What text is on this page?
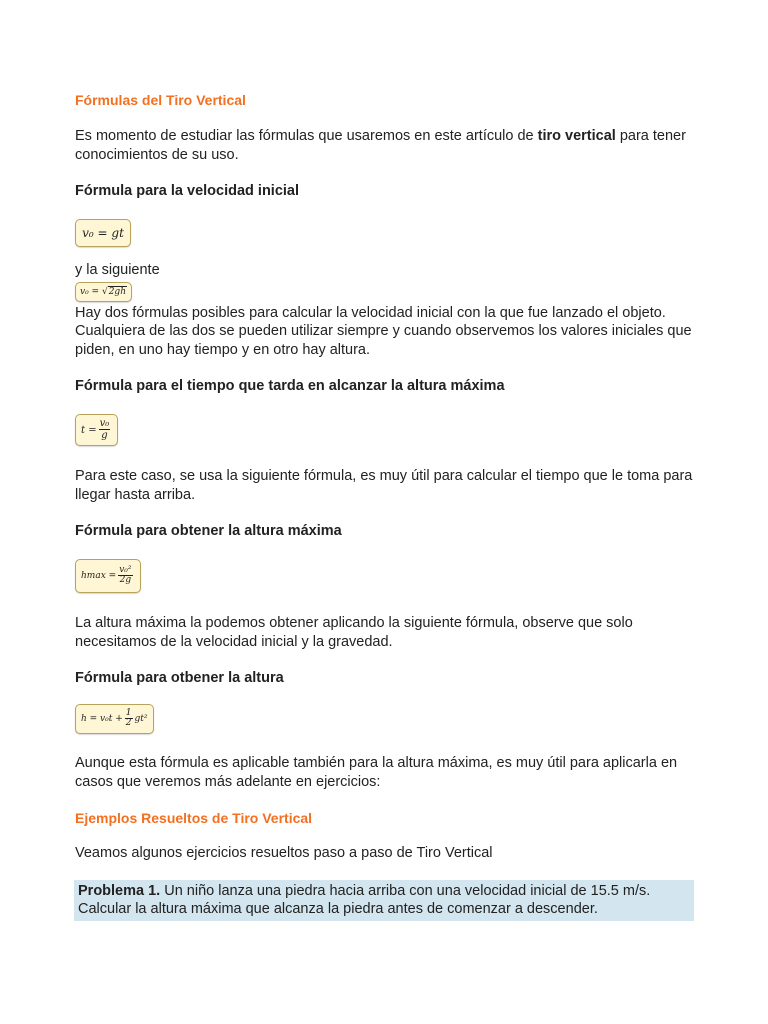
Fórmulas del Tiro Vertical

Es momento de estudiar las fórmulas que usaremos en este artículo de tiro vertical para tener conocimientos de su uso.

Fórmula para la velocidad inicial

v₀ = gt

y la siguiente

v₀ = √ 2gh

Hay dos fórmulas posibles para calcular la velocidad inicial con la que fue lanzado el objeto. Cualquiera de las dos se pueden utilizar siempre y cuando observemos los valores iniciales que piden, en uno hay tiempo y en otro hay altura.

Fórmula para el tiempo que tarda en alcanzar la altura máxima

$t = \frac{\text{v₀}}{g}$

Para este caso, se usa la siguiente fórmula, es muy útil para calcular el tiempo que le toma para llegar hasta arriba.

Fórmula para obtener la altura máxima

$hmax = \frac{\text{v₀²}}{2g}$

La altura máxima la podemos obtener aplicando la siguiente fórmula, observe que solo necesitamos de la velocidad inicial y la gravedad.

Fórmula para otbener la altura

$h = v_0t + \frac{1}{2} gt^2$

Aunque esta fórmula es aplicable también para la altura máxima, es muy útil para aplicarla en casos que veremos más adelante en ejercicios:

Ejemplos Resueltos de Tiro Vertical

Veamos algunos ejercicios resueltos paso a paso de Tiro Vertical

Problema 1. Un niño lanza una piedra hacia arriba con una velocidad inicial de 15.5 m/s. Calcular la altura máxima que alcanza la piedra antes de comenzar a descender.
